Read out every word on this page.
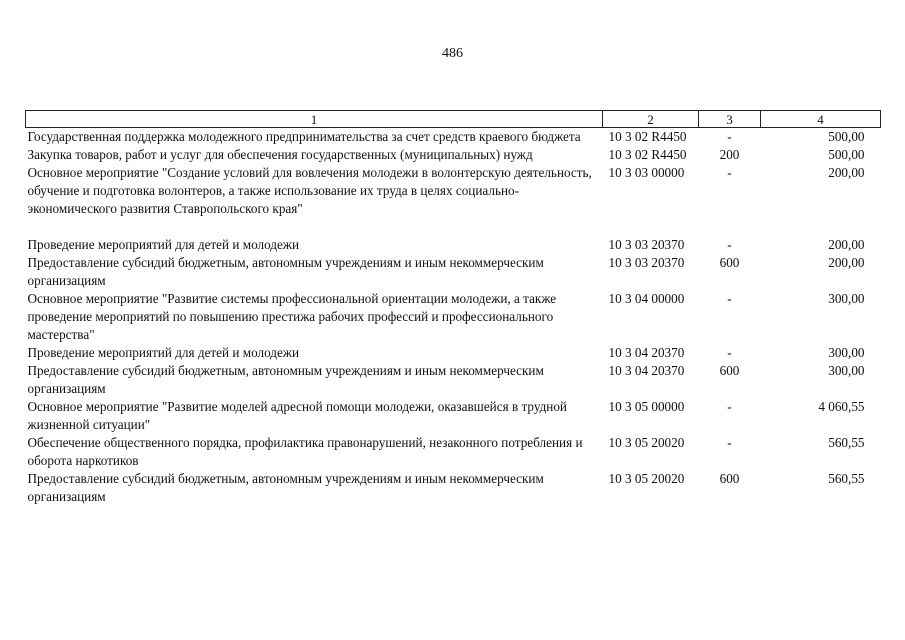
486
1	2	3	4
Государственная поддержка молодежного предпринимательства за счет средств краевого бюджета	10 3 02 R4450	-	500,00
Закупка товаров, работ и услуг для обеспечения государственных (муниципальных) нужд	10 3 02 R4450	200	500,00
Основное мероприятие "Создание условий для вовлечения молодежи в волонтерскую деятельность, обучение и подготовка волонтеров, а также использование их труда в целях социально-экономического развития Ставропольского края"	10 3 03 00000	-	200,00
Проведение мероприятий для детей и молодежи	10 3 03 20370	-	200,00
Предоставление субсидий бюджетным, автономным учреждениям и иным некоммерческим организациям	10 3 03 20370	600	200,00
Основное мероприятие "Развитие системы профессиональной ориентации молодежи, а также проведение мероприятий по повышению престижа рабочих профессий и профессионального мастерства"	10 3 04 00000	-	300,00
Проведение мероприятий для детей и молодежи	10 3 04 20370	-	300,00
Предоставление субсидий бюджетным, автономным учреждениям и иным некоммерческим организациям	10 3 04 20370	600	300,00
Основное мероприятие "Развитие моделей адресной помощи молодежи, оказавшейся в трудной жизненной ситуации"	10 3 05 00000	-	4 060,55
Обеспечение общественного порядка, профилактика правонарушений, незаконного потребления и оборота наркотиков	10 3 05 20020	-	560,55
Предоставление субсидий бюджетным, автономным учреждениям и иным некоммерческим организациям	10 3 05 20020	600	560,55
